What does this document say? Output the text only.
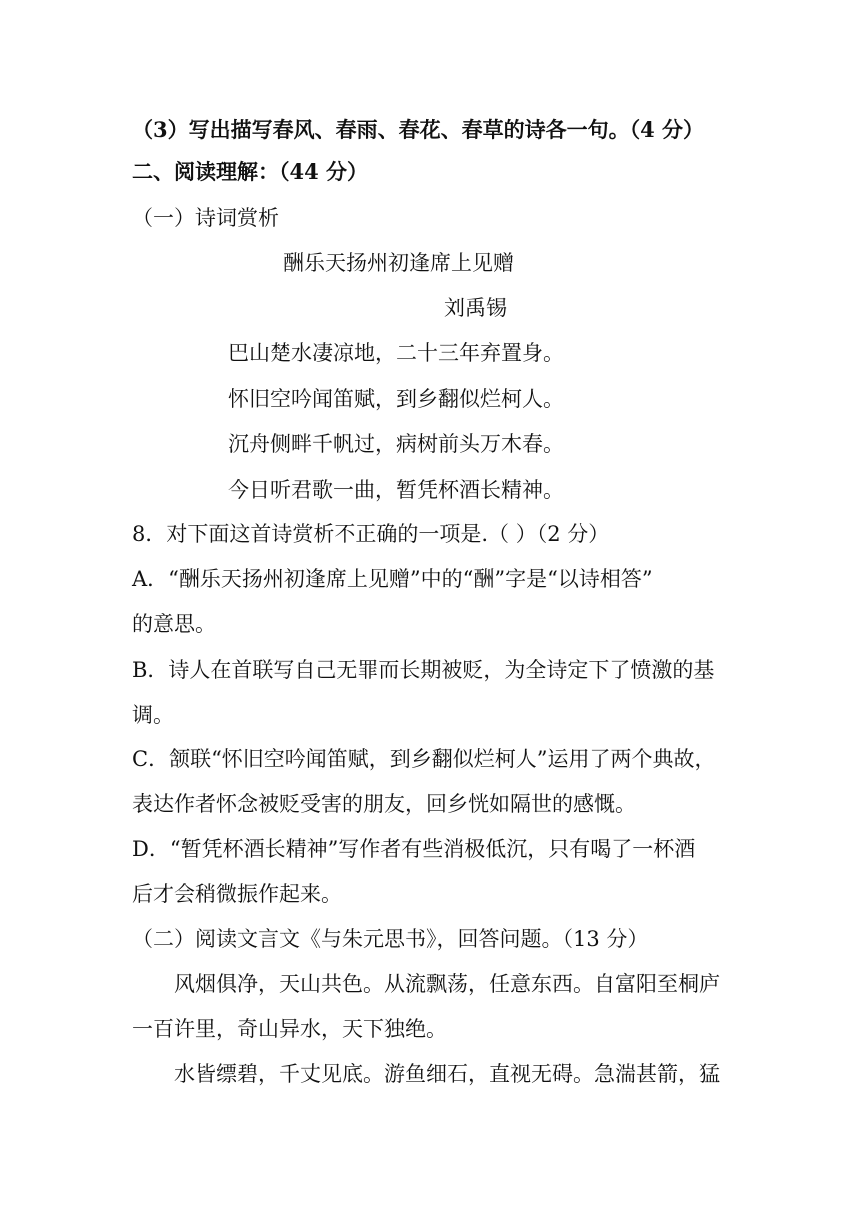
（3）写出描写春风、春雨、春花、春草的诗各一句。（4 分）
二、阅读理解：（44 分）
（一）诗词赏析
酬乐天扬州初逢席上见赠
刘禹锡
巴山楚水凄凉地，二十三年弃置身。
怀旧空吟闻笛赋，到乡翻似烂柯人。
沉舟侧畔千帆过，病树前头万木春。
今日听君歌一曲，暂凭杯酒长精神。
8．对下面这首诗赏析不正确的一项是.（ ）（2 分）
A．“酬乐天扬州初逢席上见赠”中的“酬”字是“以诗相答”
的意思。
B．诗人在首联写自己无罪而长期被贬，为全诗定下了愤激的基
调。
C．颔联“怀旧空吟闻笛赋，到乡翻似烂柯人”运用了两个典故，
表达作者怀念被贬受害的朋友，回乡恍如隔世的感慨。
D．“暂凭杯酒长精神”写作者有些消极低沉，只有喝了一杯酒
后才会稍微振作起来。
（二）阅读文言文《与朱元思书》，回答问题。（13 分）
风烟俱净，天山共色。从流飘荡，任意东西。自富阳至桐庐
一百许里，奇山异水，天下独绝。
水皆缥碧，千丈见底。游鱼细石，直视无碍。急湍甚箭，猛
